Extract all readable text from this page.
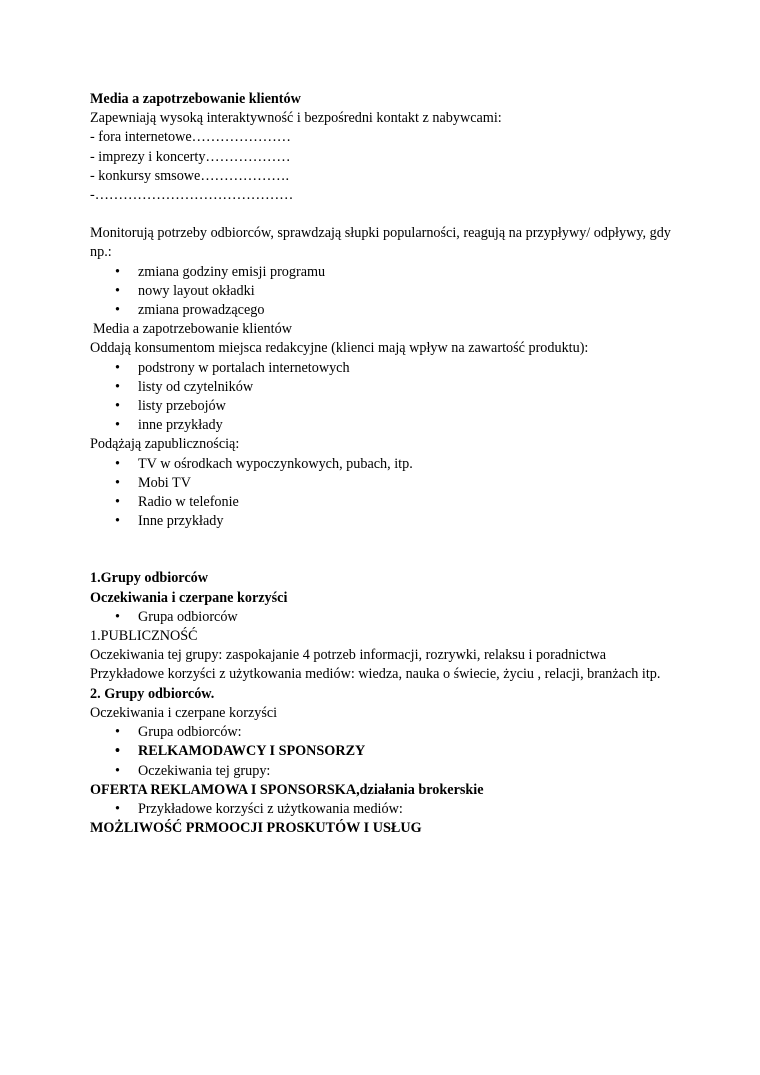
Media a zapotrzebowanie klientów
Zapewniają wysoką interaktywność i bezpośredni kontakt z nabywcami:
- fora internetowe…………………
- imprezy i koncerty………………
- konkursy smsowe……………….
-……………………………………
Monitorują potrzeby odbiorców, sprawdzają słupki popularności, reagują na przypływy/ odpływy, gdy np.:
• zmiana godziny emisji programu
• nowy layout okładki
• zmiana prowadzącego
Media a zapotrzebowanie klientów
Oddają konsumentom miejsca redakcyjne (klienci mają wpływ na zawartość produktu):
• podstrony w portalach internetowych
• listy od czytelników
• listy przebojów
• inne przykłady
Podążają zapublicznością:
• TV w ośrodkach wypoczynkowych, pubach, itp.
• Mobi TV
• Radio w telefonie
• Inne przykłady
1.Grupy odbiorców
Oczekiwania i czerpane korzyści
• Grupa odbiorców
1.PUBLICZNOŚĆ
Oczekiwania tej grupy: zaspokajanie 4 potrzeb informacji, rozrywki, relaksu i poradnictwa
Przykładowe korzyści z użytkowania mediów: wiedza, nauka o świecie, życiu , relacji, branżach itp.
2. Grupy odbiorców.
Oczekiwania i czerpane korzyści
• Grupa odbiorców:
• RELKAMODAWCY I SPONSORZY
• Oczekiwania tej grupy:
OFERTA REKLAMOWA I SPONSORSKA,działania brokerskie
• Przykładowe korzyści z użytkowania mediów:
MOŻLIWOŚĆ PRMOOCJI PROSKUTÓW I USŁUG
